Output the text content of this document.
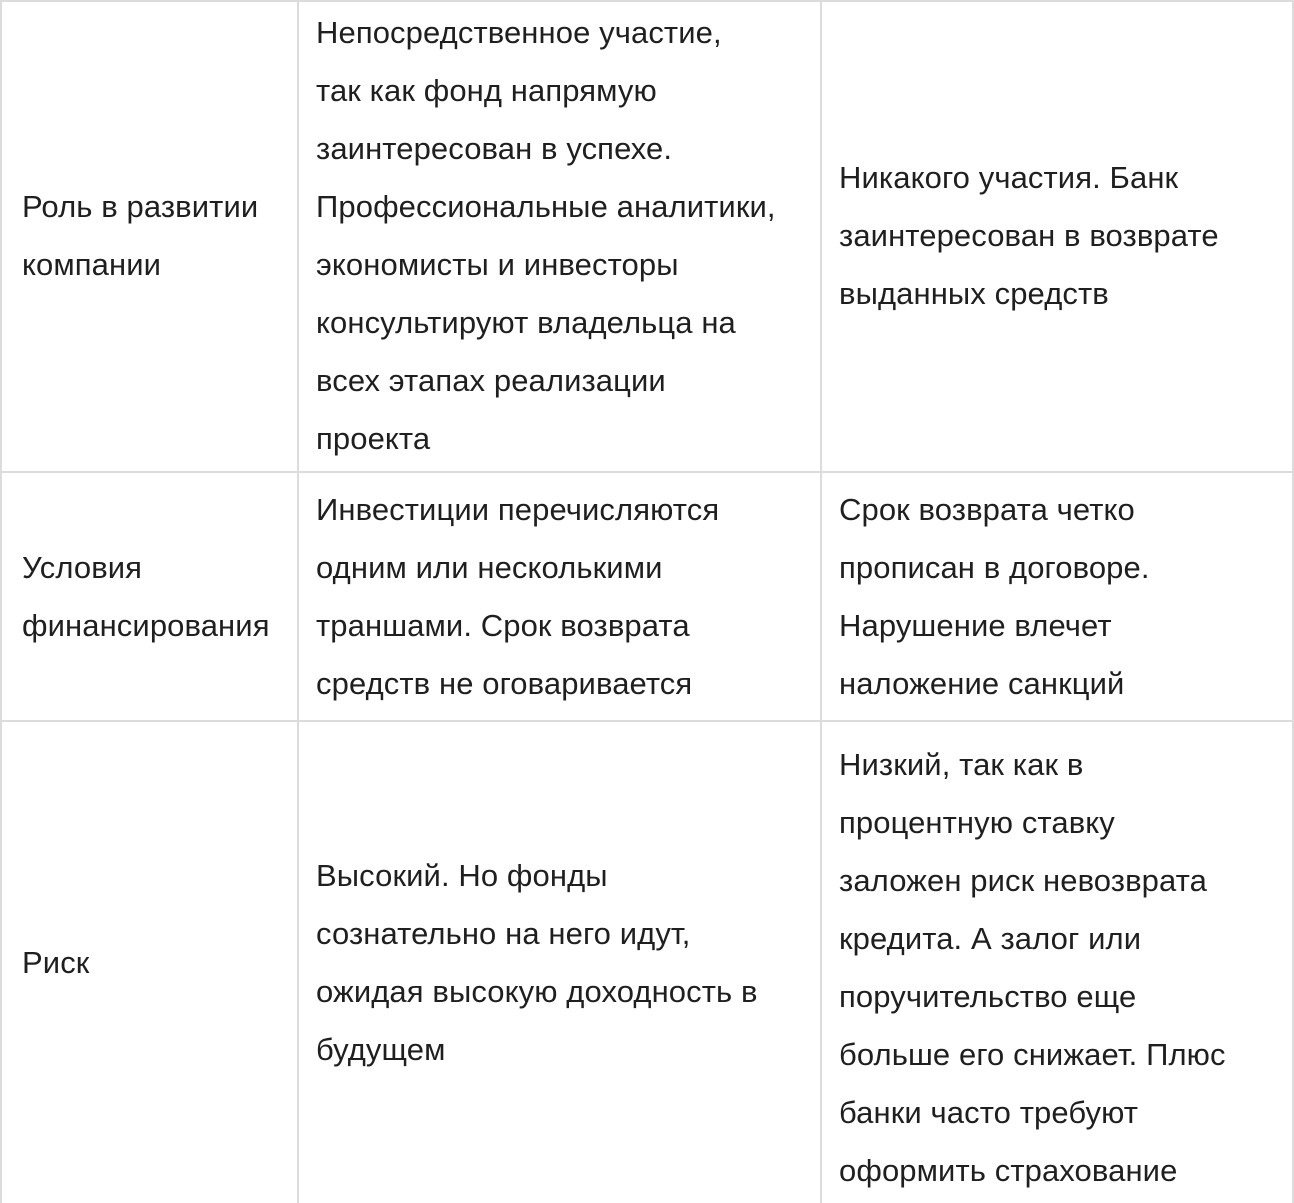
Роль в развитии
компании
Непосредственное участие,
так как фонд напрямую
заинтересован в успехе.
Профессиональные аналитики,
экономисты и инвесторы
консультируют владельца на
всех этапах реализации
проекта
Никакого участия. Банк
заинтересован в возврате
выданных средств
Условия
финансирования
Инвестиции перечисляются
одним или несколькими
траншами. Срок возврата
средств не оговаривается
Срок возврата четко
прописан в договоре.
Нарушение влечет
наложение санкций
Риск
Высокий. Но фонды
сознательно на него идут,
ожидая высокую доходность в
будущем
Низкий, так как в
процентную ставку
заложен риск невозврата
кредита. А залог или
поручительство еще
больше его снижает. Плюс
банки часто требуют
оформить страхование
